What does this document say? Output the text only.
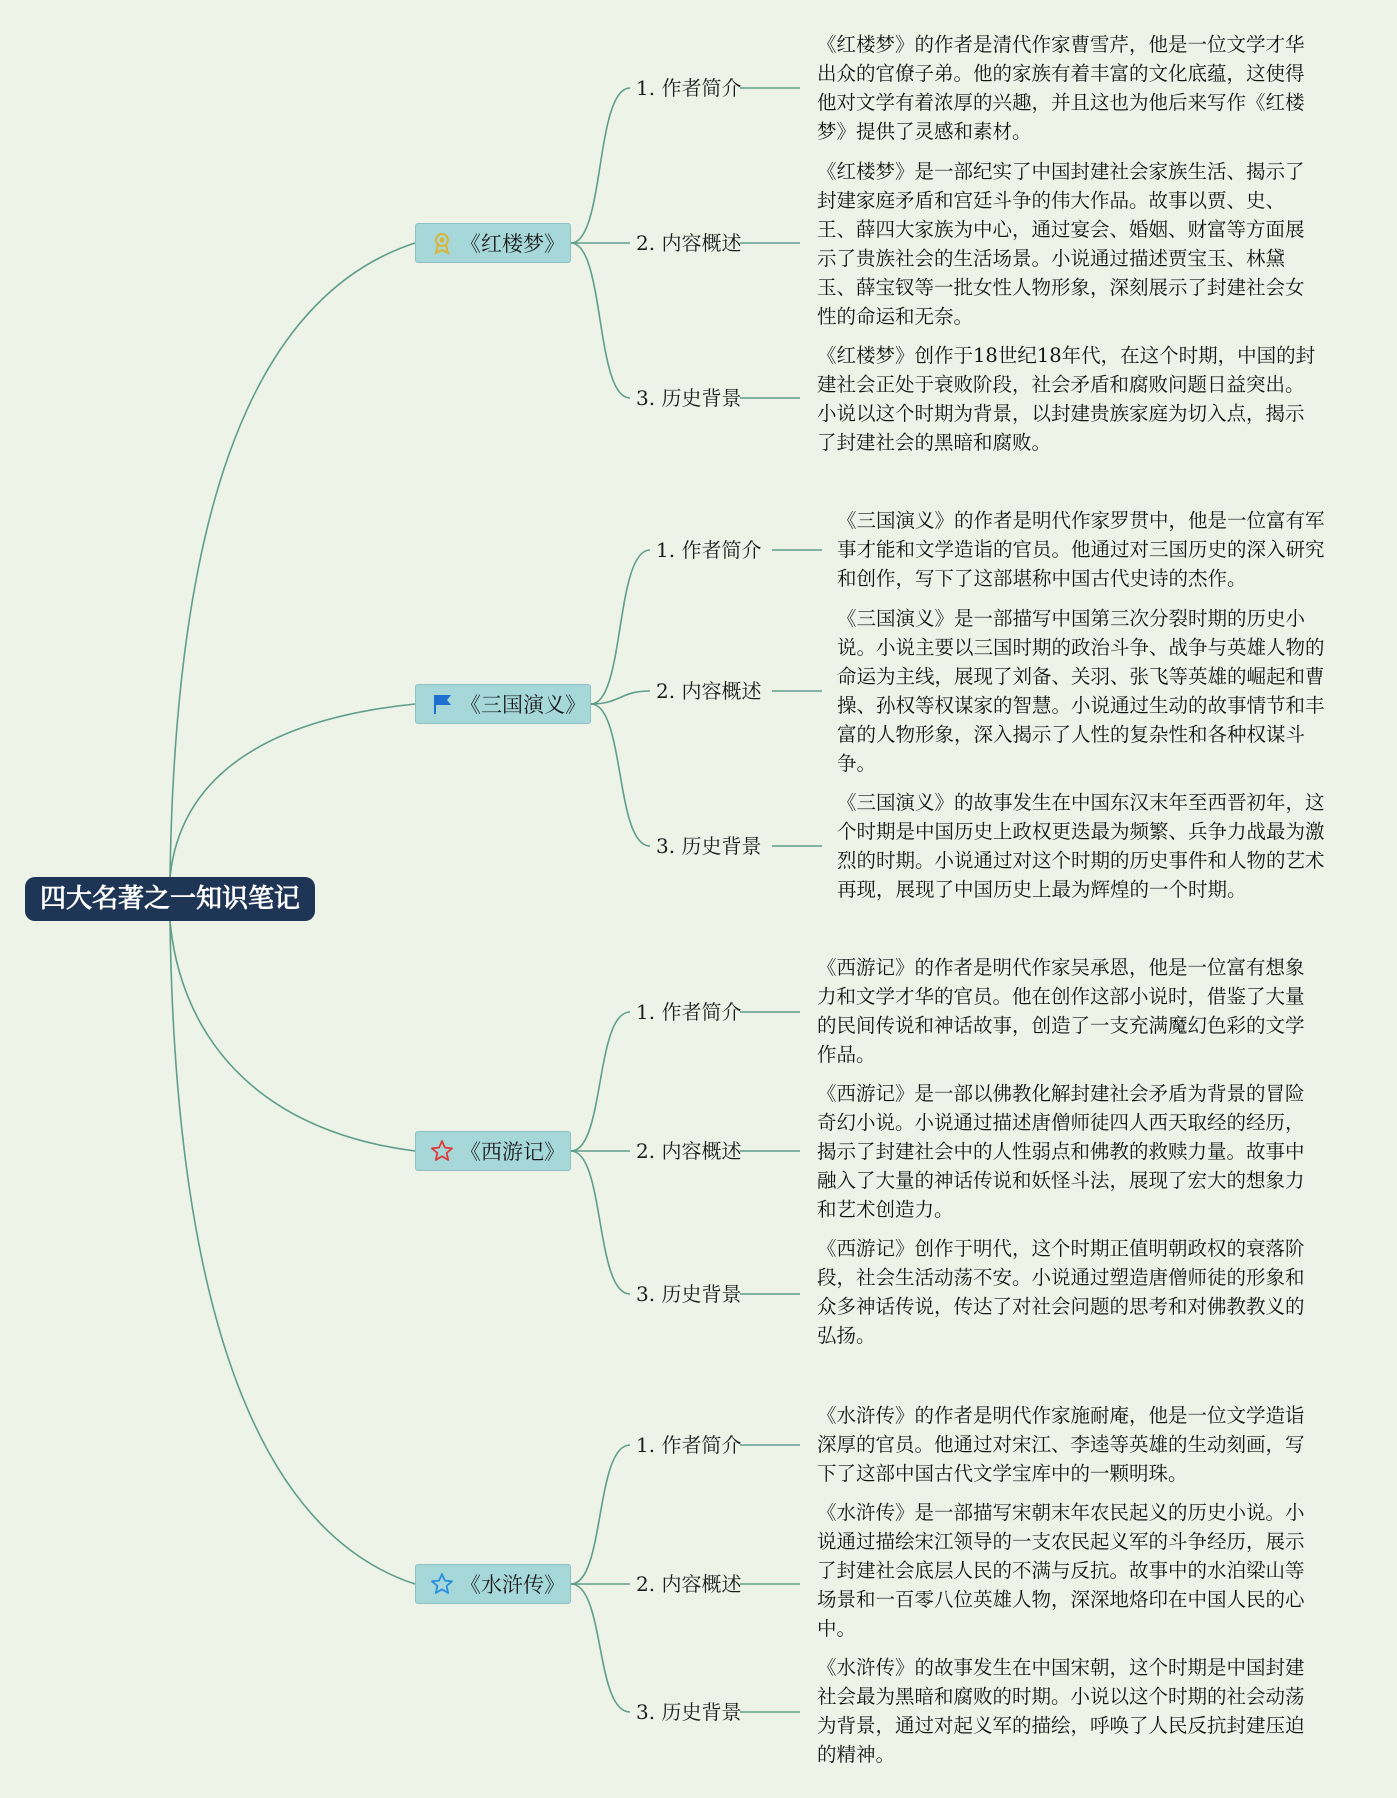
四大名著之一知识笔记
《红楼梦》
1. 作者简介
2. 内容概述
3. 历史背景

《红楼梦》的作者是清代作家曹雪芹，他是一位文学才华出众的官僚子弟。他的家族有着丰富的文化底蕴，这使得他对文学有着浓厚的兴趣，并且这也为他后来写作《红楼梦》提供了灵感和素材。

《红楼梦》是一部纪实了中国封建社会家族生活、揭示了封建家庭矛盾和宫廷斗争的伟大作品。故事以贾、史、王、薛四大家族为中心，通过宴会、婚姻、财富等方面展示了贵族社会的生活场景。小说通过描述贾宝玉、林黛玉、薛宝钗等一批女性人物形象，深刻展示了封建社会女性的命运和无奈。

《红楼梦》创作于18世纪18年代，在这个时期，中国的封建社会正处于衰败阶段，社会矛盾和腐败问题日益突出。小说以这个时期为背景，以封建贵族家庭为切入点，揭示了封建社会的黑暗和腐败。

《三国演义》
1. 作者简介
2. 内容概述
3. 历史背景

《三国演义》的作者是明代作家罗贯中，他是一位富有军事才能和文学造诣的官员。他通过对三国历史的深入研究和创作，写下了这部堪称中国古代史诗的杰作。

《三国演义》是一部描写中国第三次分裂时期的历史小说。小说主要以三国时期的政治斗争、战争与英雄人物的命运为主线，展现了刘备、关羽、张飞等英雄的崛起和曹操、孙权等权谋家的智慧。小说通过生动的故事情节和丰富的人物形象，深入揭示了人性的复杂性和各种权谋斗争。

《三国演义》的故事发生在中国东汉末年至西晋初年，这个时期是中国历史上政权更迭最为频繁、兵争力战最为激烈的时期。小说通过对这个时期的历史事件和人物的艺术再现，展现了中国历史上最为辉煌的一个时期。

《西游记》
1. 作者简介
2. 内容概述
3. 历史背景

《西游记》的作者是明代作家吴承恩，他是一位富有想象力和文学才华的官员。他在创作这部小说时，借鉴了大量的民间传说和神话故事，创造了一支充满魔幻色彩的文学作品。

《西游记》是一部以佛教化解封建社会矛盾为背景的冒险奇幻小说。小说通过描述唐僧师徒四人西天取经的经历，揭示了封建社会中的人性弱点和佛教的救赎力量。故事中融入了大量的神话传说和妖怪斗法，展现了宏大的想象力和艺术创造力。

《西游记》创作于明代，这个时期正值明朝政权的衰落阶段，社会生活动荡不安。小说通过塑造唐僧师徒的形象和众多神话传说，传达了对社会问题的思考和对佛教教义的弘扬。

《水浒传》
1. 作者简介
2. 内容概述
3. 历史背景

《水浒传》的作者是明代作家施耐庵，他是一位文学造诣深厚的官员。他通过对宋江、李逵等英雄的生动刻画，写下了这部中国古代文学宝库中的一颗明珠。

《水浒传》是一部描写宋朝末年农民起义的历史小说。小说通过描绘宋江领导的一支农民起义军的斗争经历，展示了封建社会底层人民的不满与反抗。故事中的水泊梁山等场景和一百零八位英雄人物，深深地烙印在中国人民的心中。

《水浒传》的故事发生在中国宋朝，这个时期是中国封建社会最为黑暗和腐败的时期。小说以这个时期的社会动荡为背景，通过对起义军的描绘，呼唤了人民反抗封建压迫的精神。
